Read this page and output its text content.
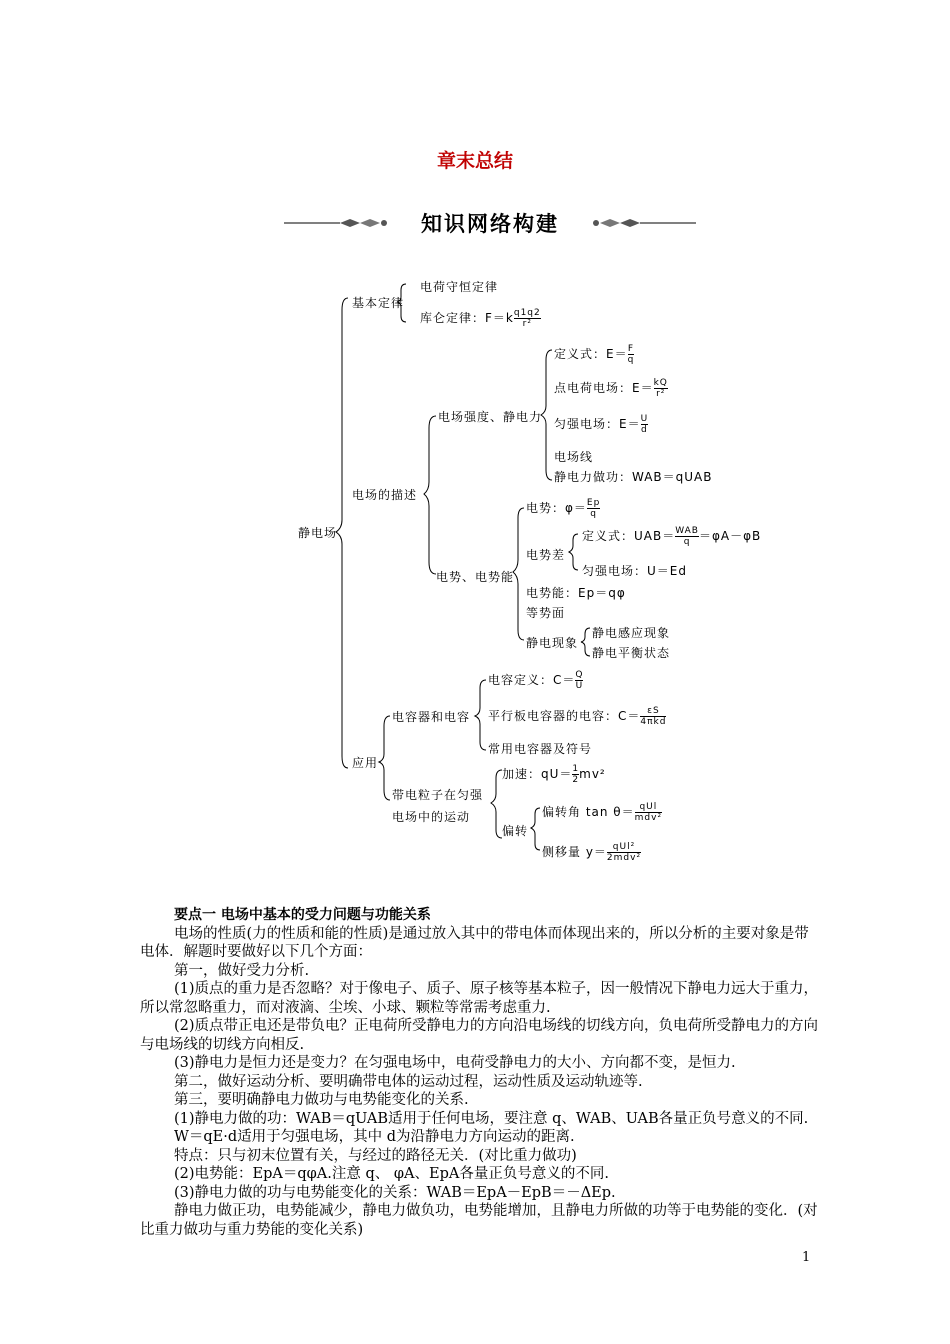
章末总结
知识网络构建
静电场
基本定律
电荷守恒定律
库仑定律：$F=k \frac{q1q2}{\text{r²}}$
电场的描述
电场强度、静电力
定义式：$E= \frac{F}{q}$
点电荷电场：$E= \frac{kQ}{\text{r²}}$
匀强电场：$E= \frac{U}{d}$
电场线
静电力做功：WAB＝qUAB
电势、电势能
电势：$\varphi= \frac{Ep}{q}$
电势差
定义式：UAB＝ WAB
q ＝φA－φB
匀强电场：U＝Ed
电势能：Ep＝qφ
等势面
静电现象
静电感应现象
静电平衡状态
应用
电容器和电容
电容定义：$C= \frac{Q}{U}$
平行板电容器的电容：C＝ εS
4πkd
常用电容器及符号
带电粒子在匀强
电场中的运动
加速：$qU= \frac{1}{2} mv^2$
偏转
偏转角 tan θ＝ qUl
mdv²
侧移量 y＝ qUl²
2mdv²

要点一 电场中基本的受力问题与功能关系

电场的性质(力的性质和能的性质)是通过放入其中的带电体而体现出来的，所以分析的主要对象是带电体．解题时要做好以下几个方面：

第一，做好受力分析.

(1)质点的重力是否忽略？对于像电子、质子、原子核等基本粒子，因一般情况下静电力远大于重力，所以常忽略重力，而对液滴、尘埃、小球、颗粒等常需考虑重力.

(2)质点带正电还是带负电？正电荷所受静电力的方向沿电场线的切线方向，负电荷所受静电力的方向与电场线的切线方向相反.

(3)静电力是恒力还是变力？在匀强电场中，电荷受静电力的大小、方向都不变，是恒力.

第二，做好运动分析、要明确带电体的运动过程，运动性质及运动轨迹等.

第三，要明确静电力做功与电势能变化的关系.

(1)静电力做的功：WAB＝qUAB适用于任何电场，要注意 q、WAB、UAB各量正负号意义的不同.

W＝qE·d适用于匀强电场，其中 d为沿静电力方向运动的距离.

特点：只与初末位置有关，与经过的路径无关．(对比重力做功)

(2)电势能：EpA＝qφA.注意 q、 φA、EpA各量正负号意义的不同.

(3)静电力做的功与电势能变化的关系：WAB＝EpA－EpB＝－ΔEp.

静电力做正功，电势能减少，静电力做负功，电势能增加，且静电力所做的功等于电势能的变化．(对比重力做功与重力势能的变化关系)

1
